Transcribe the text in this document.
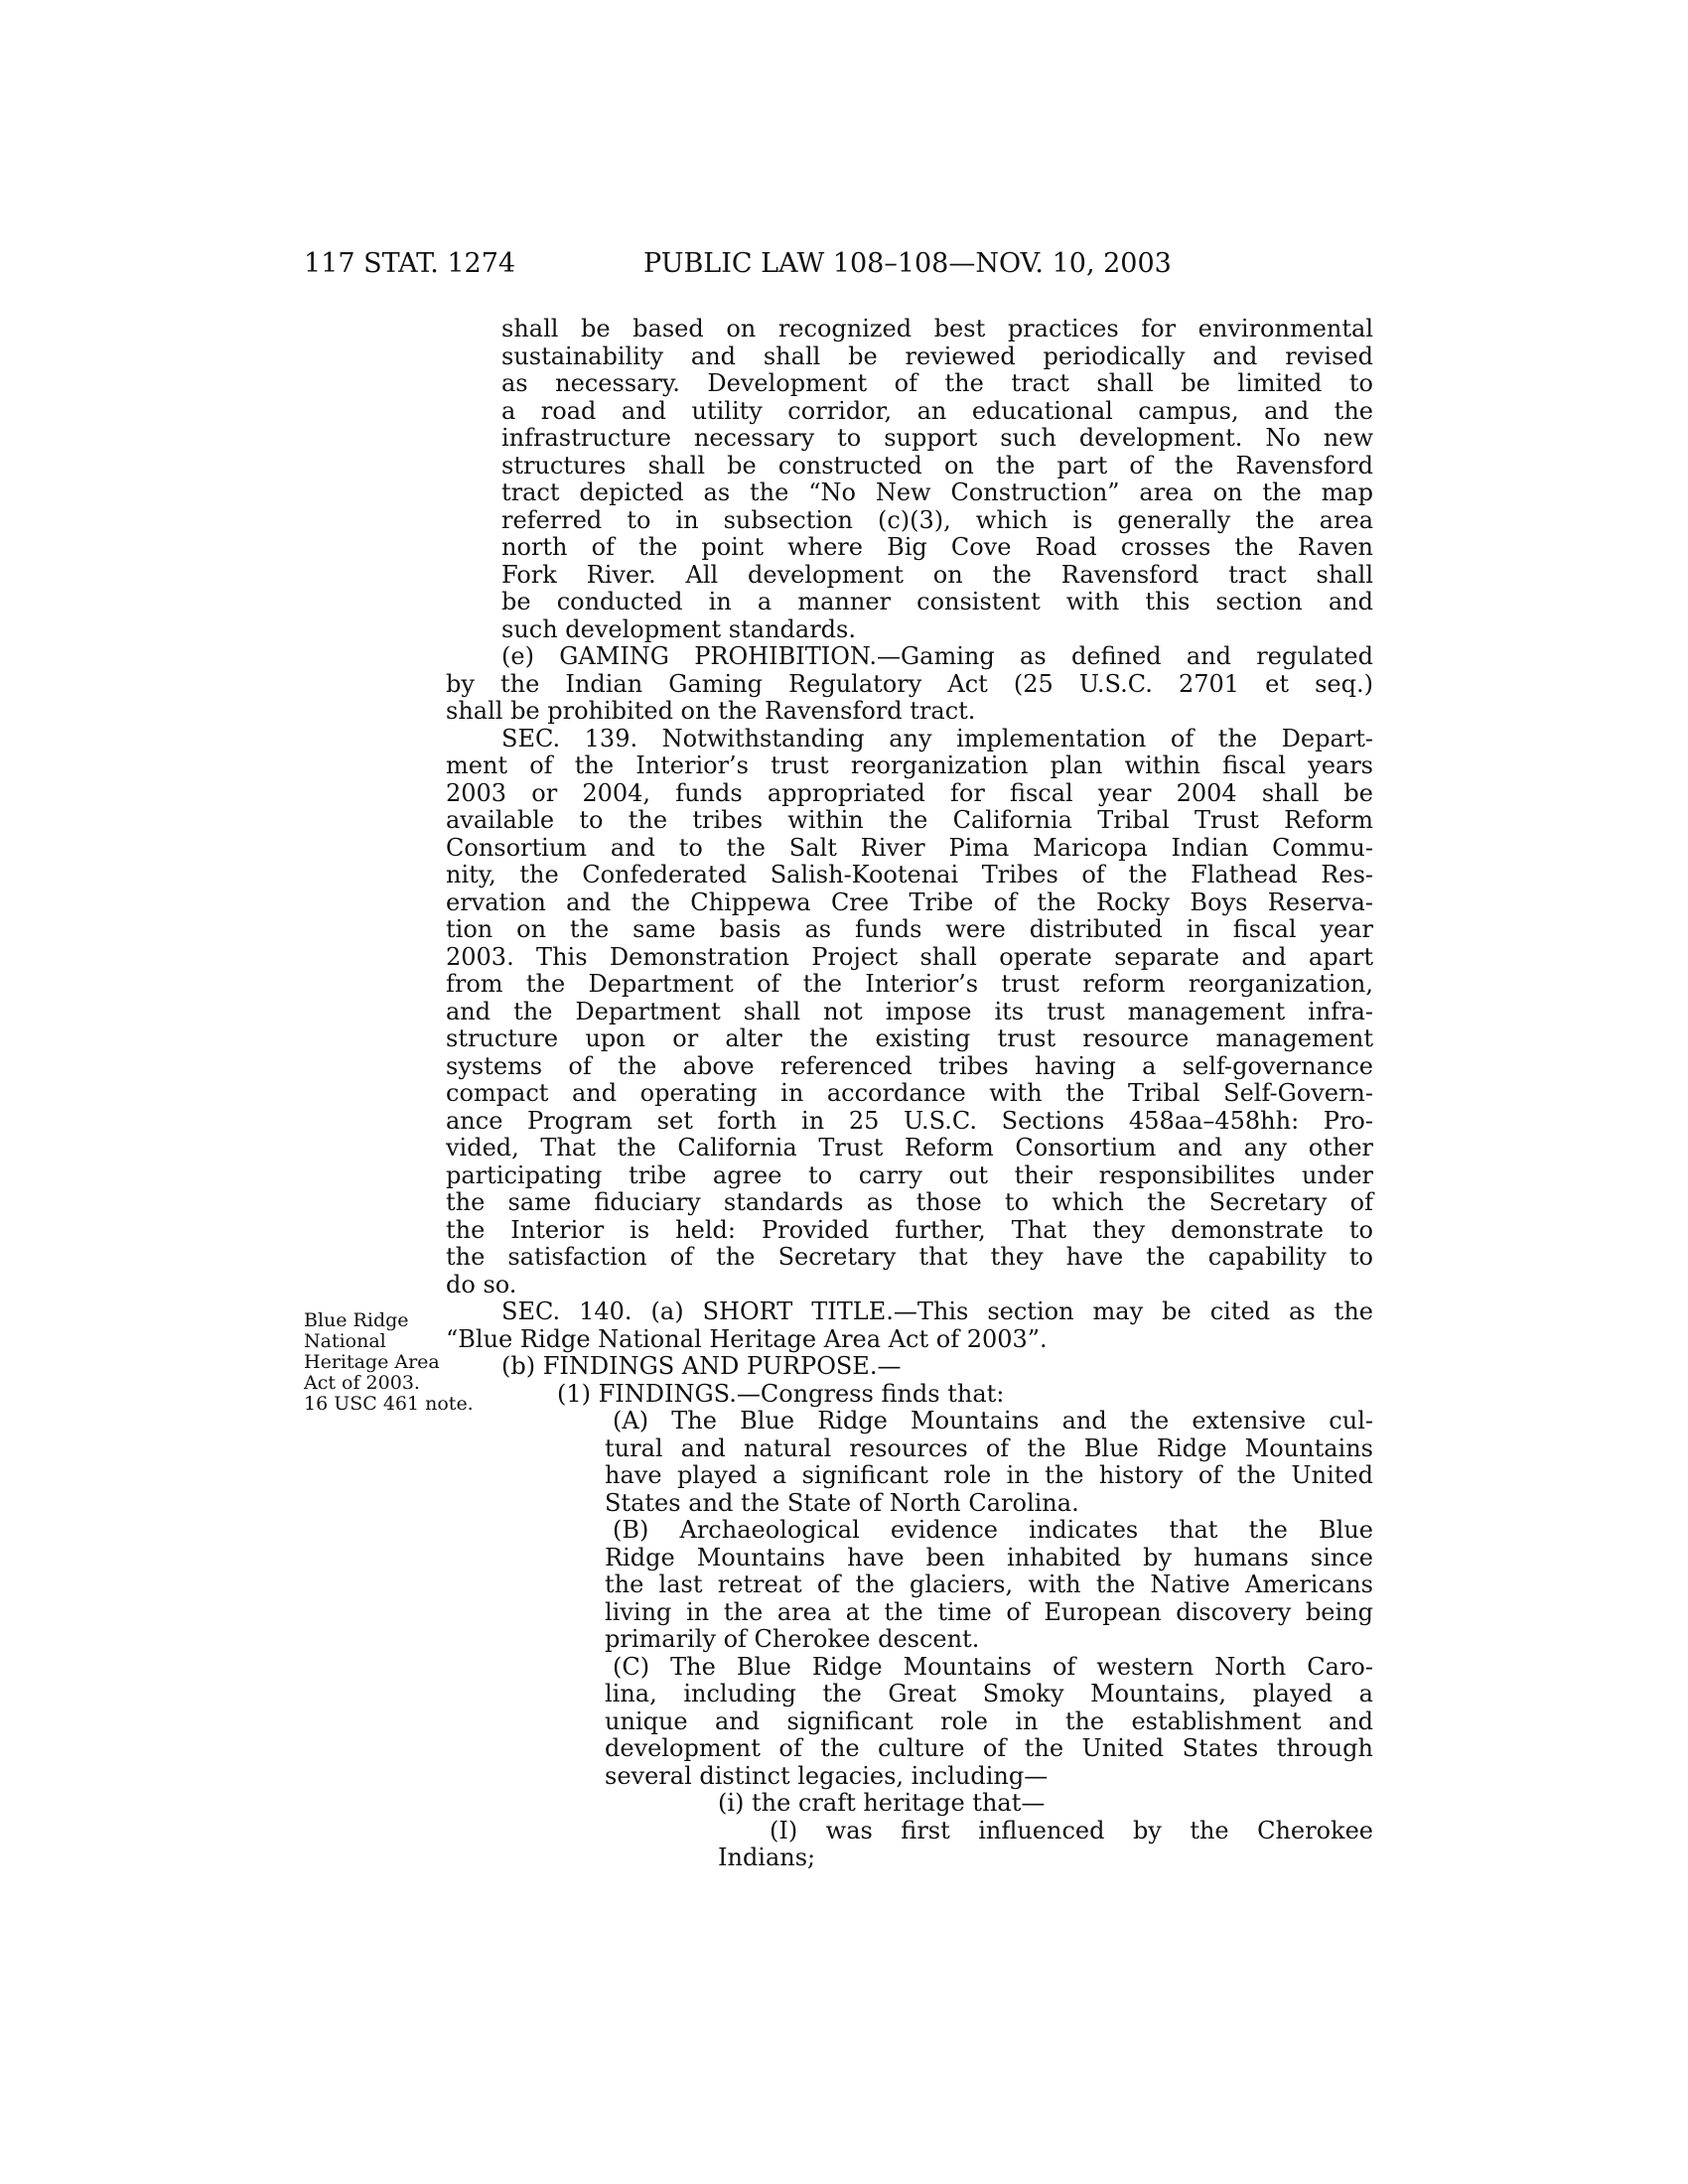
117 STAT. 1274	PUBLIC LAW 108–108—NOV. 10, 2003
Blue Ridge
National
Heritage Area
Act of 2003.
16 USC 461 note.
shall be based on recognized best practices for environmental
sustainability and shall be reviewed periodically and revised
as necessary. Development of the tract shall be limited to
a road and utility corridor, an educational campus, and the
infrastructure necessary to support such development. No new
structures shall be constructed on the part of the Ravensford
tract depicted as the “No New Construction” area on the map
referred to in subsection (c)(3), which is generally the area
north of the point where Big Cove Road crosses the Raven
Fork River. All development on the Ravensford tract shall
be conducted in a manner consistent with this section and
such development standards.
(e) GAMING PROHIBITION.—Gaming as defined and regulated
by the Indian Gaming Regulatory Act (25 U.S.C. 2701 et seq.)
shall be prohibited on the Ravensford tract.
SEC. 139. Notwithstanding any implementation of the Depart-
ment of the Interior’s trust reorganization plan within fiscal years
2003 or 2004, funds appropriated for fiscal year 2004 shall be
available to the tribes within the California Tribal Trust Reform
Consortium and to the Salt River Pima Maricopa Indian Commu-
nity, the Confederated Salish-Kootenai Tribes of the Flathead Res-
ervation and the Chippewa Cree Tribe of the Rocky Boys Reserva-
tion on the same basis as funds were distributed in fiscal year
2003. This Demonstration Project shall operate separate and apart
from the Department of the Interior’s trust reform reorganization,
and the Department shall not impose its trust management infra-
structure upon or alter the existing trust resource management
systems of the above referenced tribes having a self-governance
compact and operating in accordance with the Tribal Self-Govern-
ance Program set forth in 25 U.S.C. Sections 458aa–458hh: Pro-
vided, That the California Trust Reform Consortium and any other
participating tribe agree to carry out their responsibilites under
the same fiduciary standards as those to which the Secretary of
the Interior is held: Provided further, That they demonstrate to
the satisfaction of the Secretary that they have the capability to
do so.
SEC. 140. (a) SHORT TITLE.—This section may be cited as the
“Blue Ridge National Heritage Area Act of 2003”.
(b) FINDINGS AND PURPOSE.—
(1) FINDINGS.—Congress finds that:
(A) The Blue Ridge Mountains and the extensive cul-
tural and natural resources of the Blue Ridge Mountains
have played a significant role in the history of the United
States and the State of North Carolina.
(B) Archaeological evidence indicates that the Blue
Ridge Mountains have been inhabited by humans since
the last retreat of the glaciers, with the Native Americans
living in the area at the time of European discovery being
primarily of Cherokee descent.
(C) The Blue Ridge Mountains of western North Caro-
lina, including the Great Smoky Mountains, played a
unique and significant role in the establishment and
development of the culture of the United States through
several distinct legacies, including—
(i) the craft heritage that—
(I) was first influenced by the Cherokee
Indians;
